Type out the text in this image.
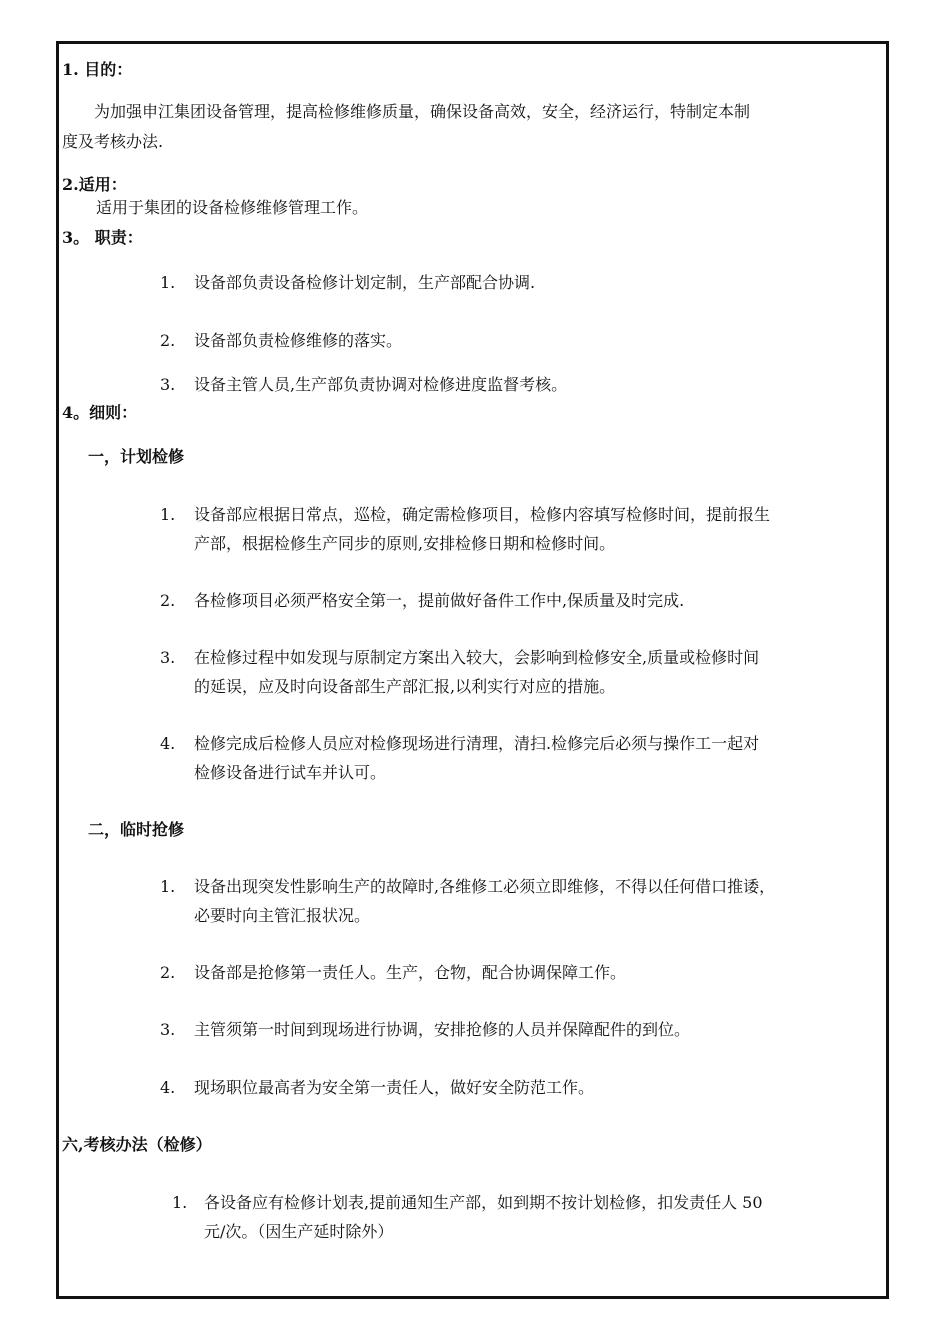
1. 目的：
为加强申江集团设备管理，提高检修维修质量，确保设备高效，安全，经济运行，特制定本制
度及考核办法.
2.适用：
适用于集团的设备检修维修管理工作。
3。 职责：
1. 设备部负责设备检修计划定制，生产部配合协调.
2. 设备部负责检修维修的落实。
3. 设备主管人员,生产部负责协调对检修进度监督考核。
4。细则：
一，计划检修
1. 设备部应根据日常点，巡检，确定需检修项目，检修内容填写检修时间，提前报生
产部，根据检修生产同步的原则,安排检修日期和检修时间。
2. 各检修项目必须严格安全第一，提前做好备件工作中,保质量及时完成.
3. 在检修过程中如发现与原制定方案出入较大，会影响到检修安全,质量或检修时间
的延误，应及时向设备部生产部汇报,以利实行对应的措施。
4. 检修完成后检修人员应对检修现场进行清理，清扫.检修完后必须与操作工一起对
检修设备进行试车并认可。
二，临时抢修
1. 设备出现突发性影响生产的故障时,各维修工必须立即维修，不得以任何借口推诿，
必要时向主管汇报状况。
2. 设备部是抢修第一责任人。生产，仓物，配合协调保障工作。
3. 主管须第一时间到现场进行协调，安排抢修的人员并保障配件的到位。
4. 现场职位最高者为安全第一责任人，做好安全防范工作。
六,考核办法（检修）
1. 各设备应有检修计划表,提前通知生产部，如到期不按计划检修，扣发责任人 50
元/次。（因生产延时除外）
